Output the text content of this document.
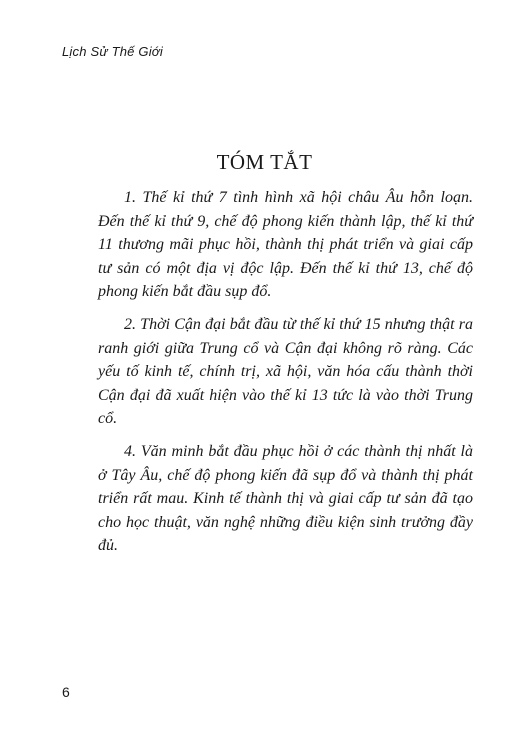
Lịch Sử Thế Giới
TÓM TẮT

1. Thế kỉ thứ 7 tình hình xã hội châu Âu hỗn loạn. Đến thế kỉ thứ 9, chế độ phong kiến thành lập, thế kỉ thứ 11 thương mãi phục hồi, thành thị phát triển và giai cấp tư sản có một địa vị độc lập. Đến thế kỉ thứ 13, chế độ phong kiến bắt đầu sụp đổ.

2. Thời Cận đại bắt đầu từ thế kỉ thứ 15 nhưng thật ra ranh giới giữa Trung cổ và Cận đại không rõ ràng. Các yếu tố kinh tế, chính trị, xã hội, văn hóa cấu thành thời Cận đại đã xuất hiện vào thế kỉ 13 tức là vào thời Trung cổ.

4. Văn minh bắt đầu phục hồi ở các thành thị nhất là ở Tây Âu, chế độ phong kiến đã sụp đổ và thành thị phát triển rất mau. Kinh tế thành thị và giai cấp tư sản đã tạo cho học thuật, văn nghệ những điều kiện sinh trưởng đầy đủ.

6
